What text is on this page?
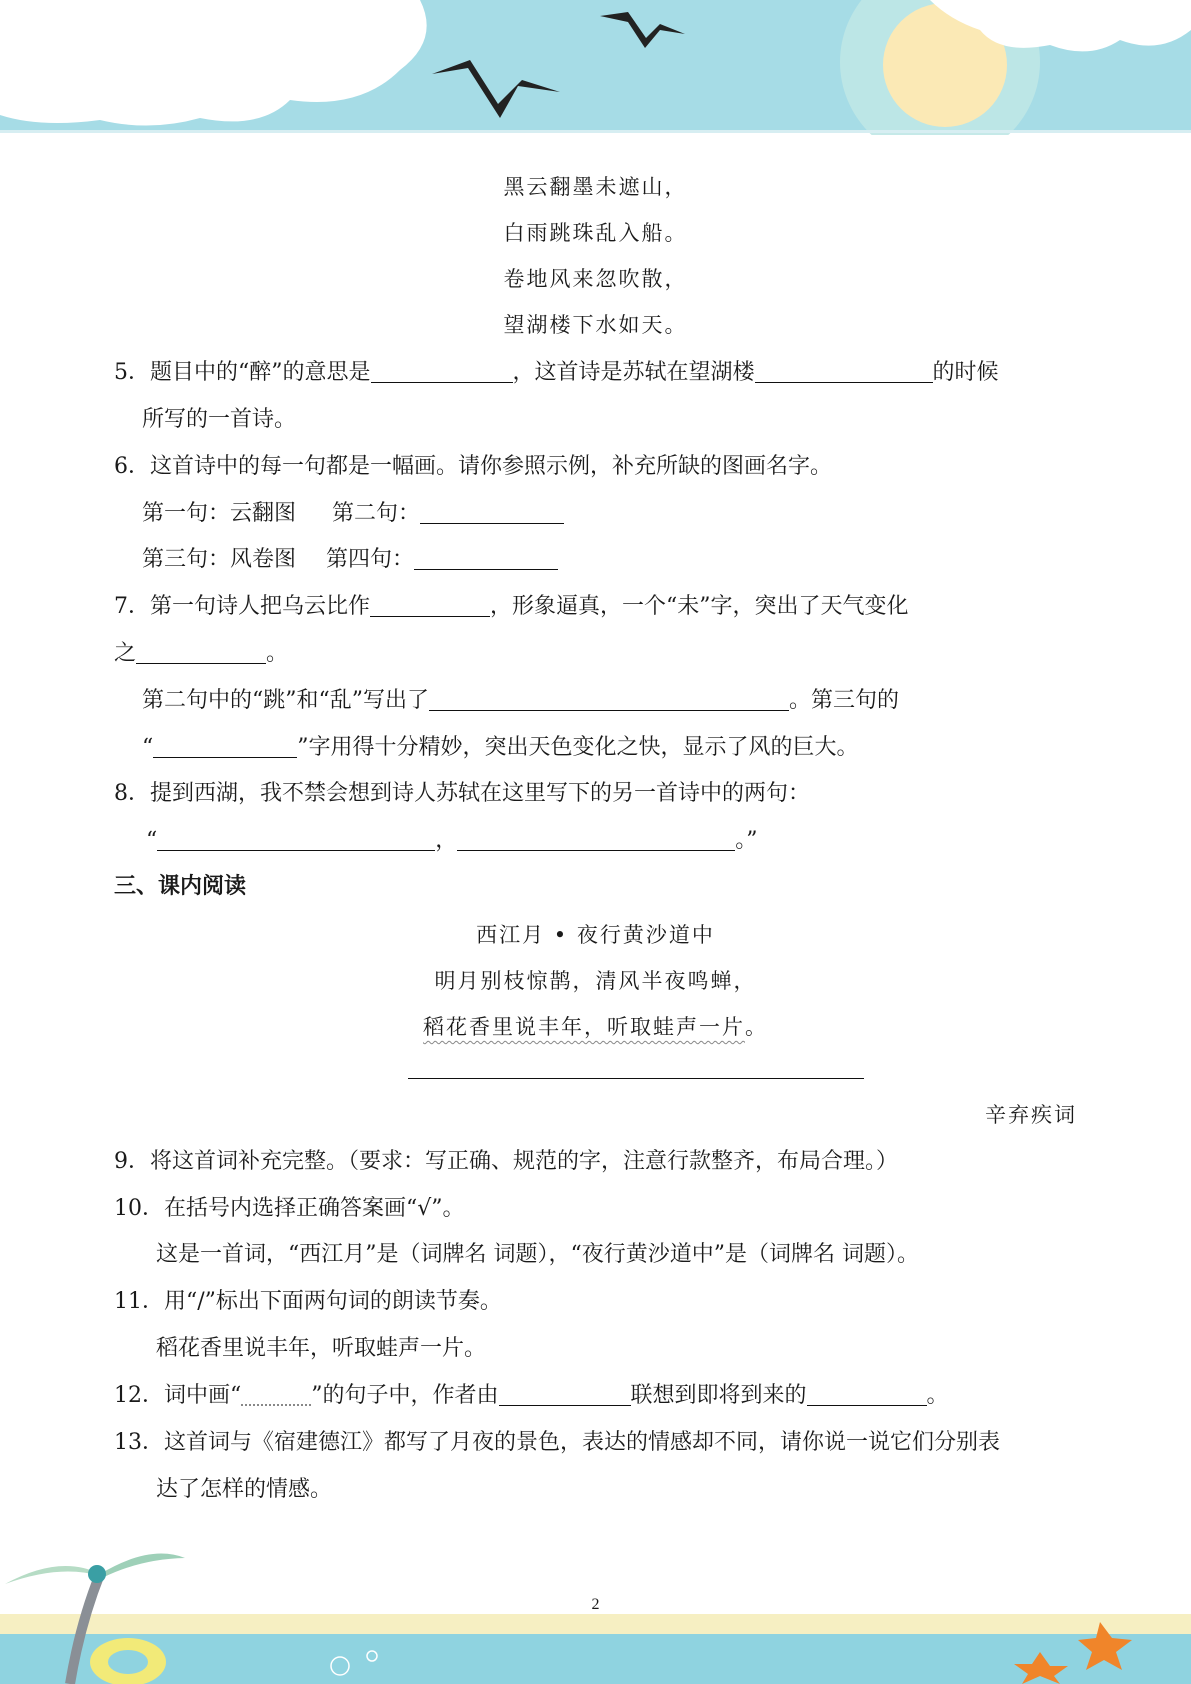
黑云翻墨未遮山，
白雨跳珠乱入船。
卷地风来忽吹散，
望湖楼下水如天。
5．题目中的“醉”的意思是	，这首诗是苏轼在望湖楼	的时候
所写的一首诗。
6．这首诗中的每一句都是一幅画。请你参照示例，补充所缺的图画名字。
第一句：云翻图 第二句：
第三句：风卷图 第四句：
7．第一句诗人把乌云比作	，形象逼真，一个“未”字，突出了天气变化
之	。
第二句中的“跳”和“乱”写出了	。第三句的
“	”字用得十分精妙，突出天色变化之快，显示了风的巨大。
8．提到西湖，我不禁会想到诗人苏轼在这里写下的另一首诗中的两句：
“	，	。”
三、课内阅读
西江月 • 夜行黄沙道中
明月别枝惊鹊，清风半夜鸣蝉，
稻花香里说丰年，听取蛙声一片。
辛弃疾词
9．将这首词补充完整。（要求：写正确、规范的字，注意行款整齐，布局合理。）
10．在括号内选择正确答案画“√”。
这是一首词，“西江月”是（词牌名 词题），“夜行黄沙道中”是（词牌名 词题）。
11．用“/”标出下面两句词的朗读节奏。
稻花香里说丰年，听取蛙声一片。
12．词中画“	”的句子中，作者由	联想到即将到来的	。
13．这首词与《宿建德江》都写了月夜的景色，表达的情感却不同，请你说一说它们分别表
达了怎样的情感。
2
